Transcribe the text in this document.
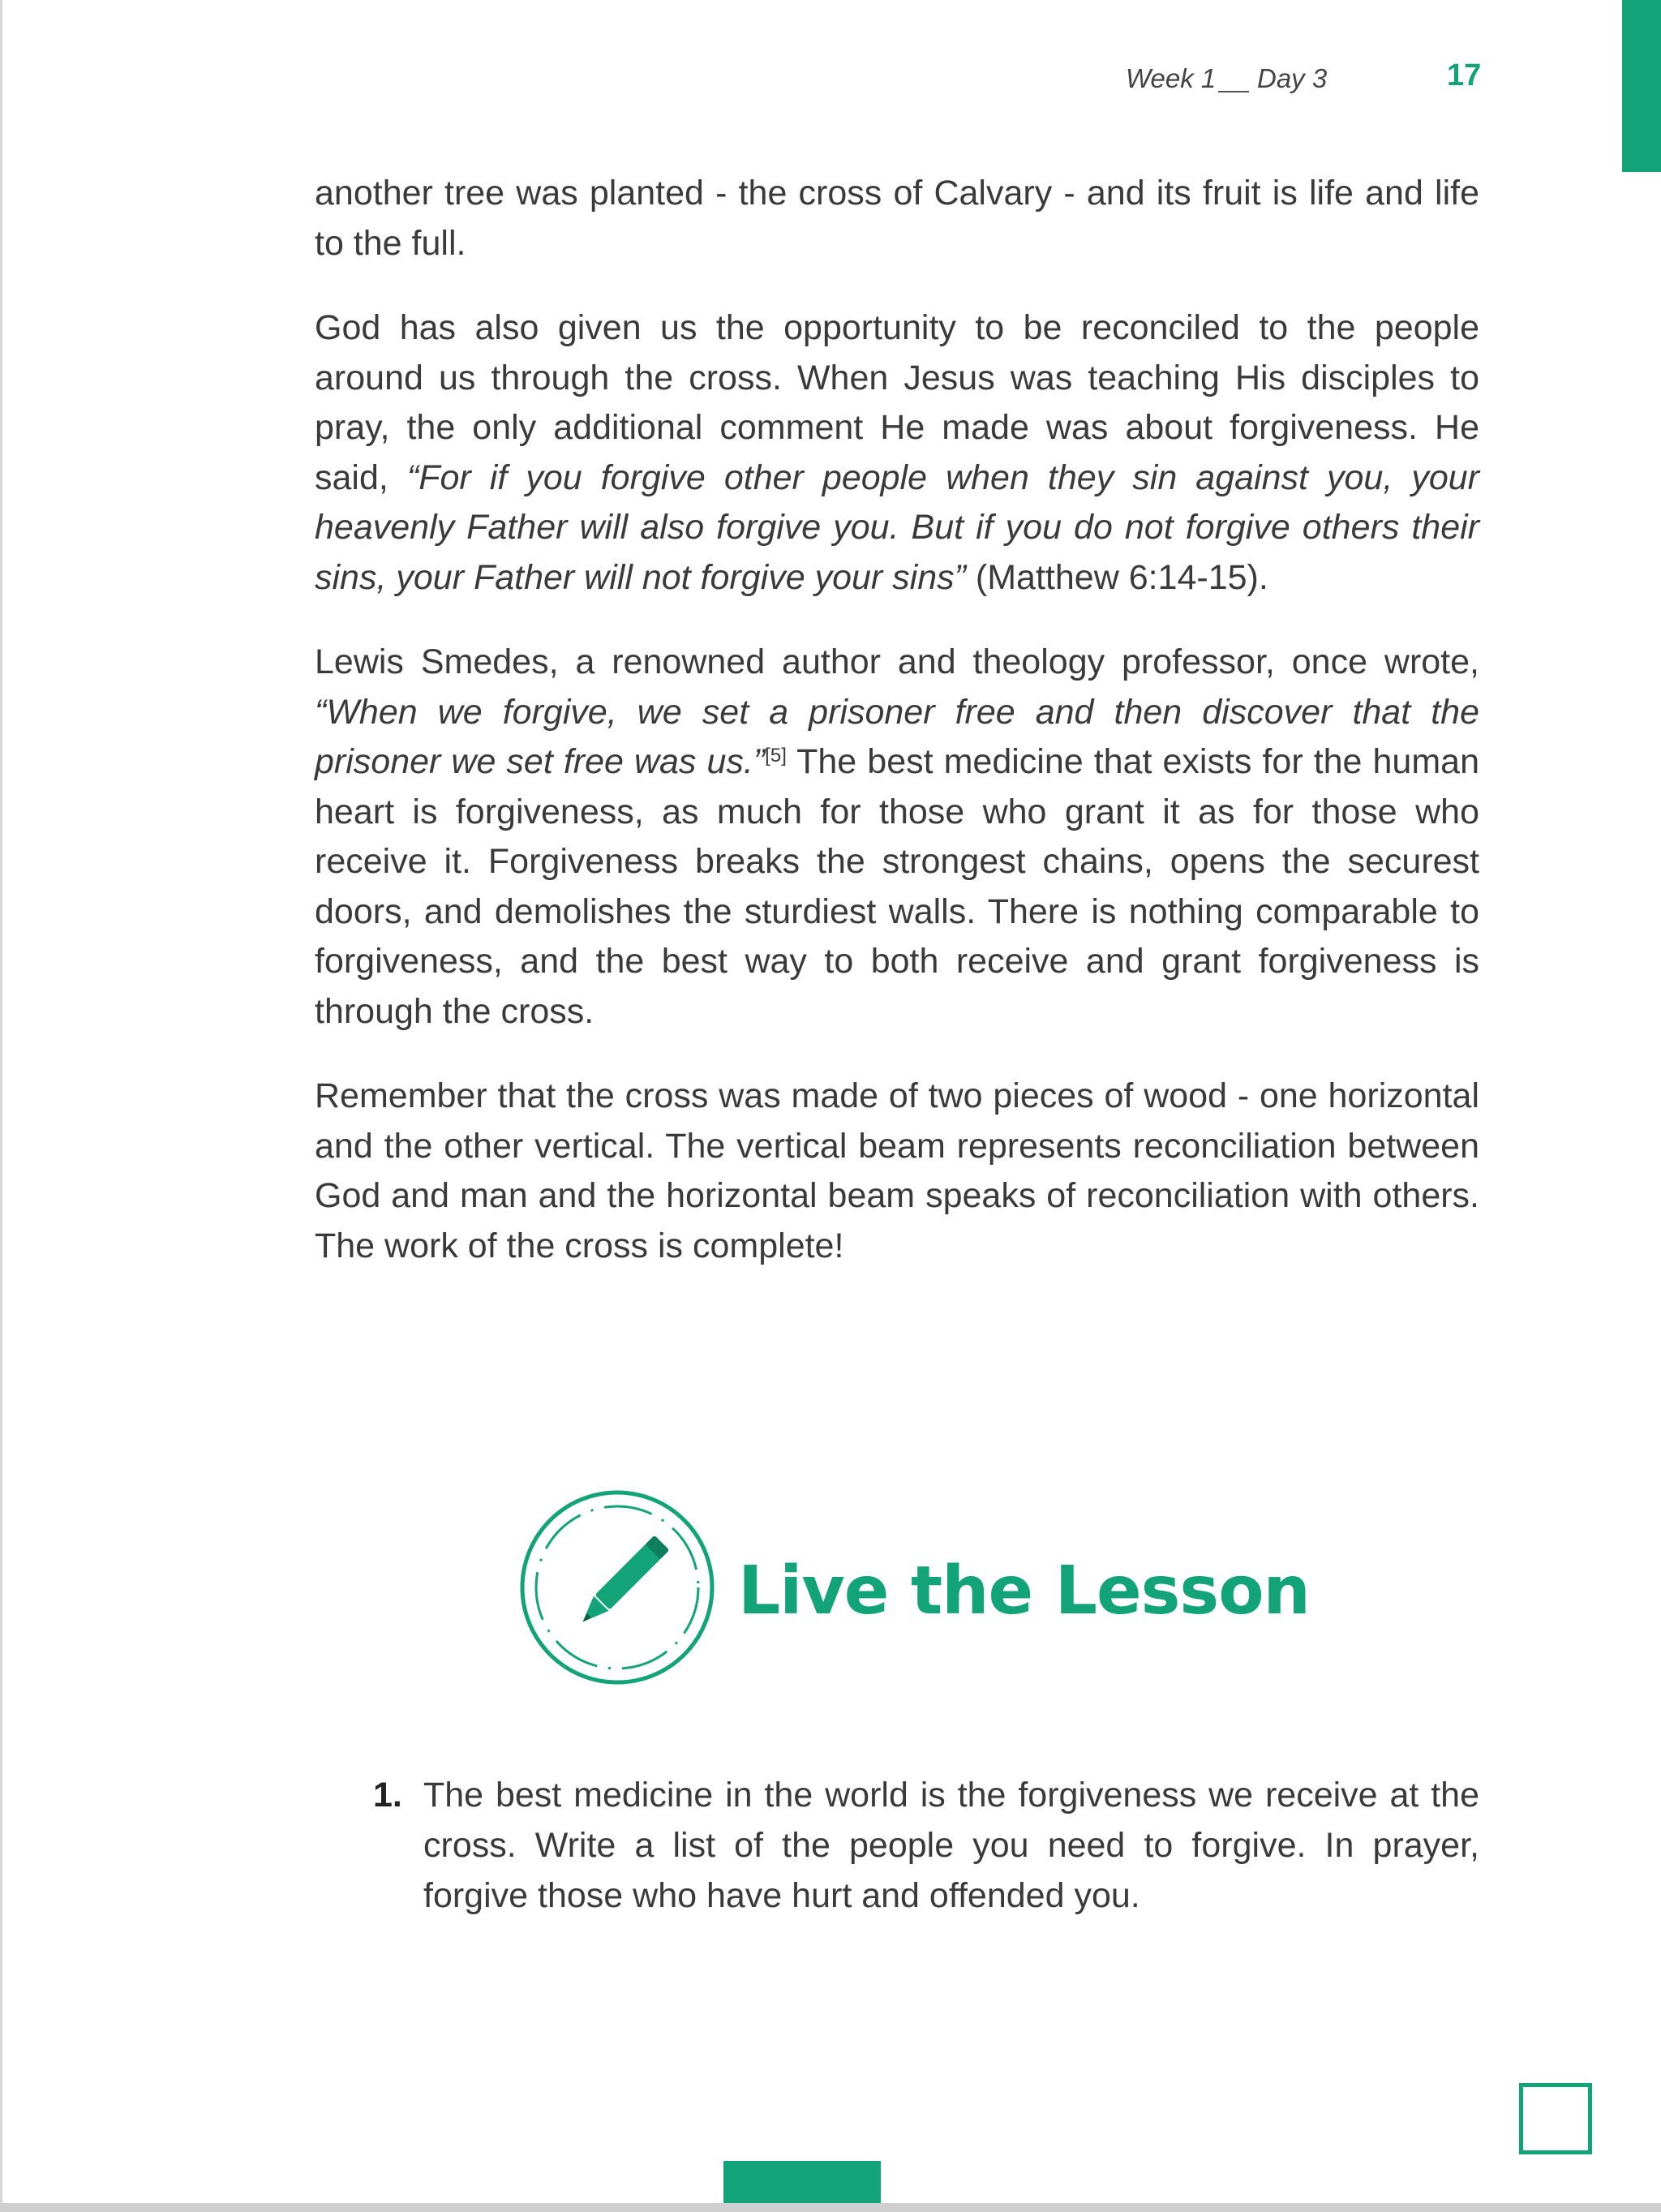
Week 1 Day 3	17

another tree was planted - the cross of Calvary - and its fruit is life and life to the full.

God has also given us the opportunity to be reconciled to the people around us through the cross. When Jesus was teaching His disciples to pray, the only additional comment He made was about forgiveness. He said, “For if you forgive other people when they sin against you, your heavenly Father will also forgive you. But if you do not forgive others their sins, your Father will not forgive your sins” (Matthew 6:14-15).

Lewis Smedes, a renowned author and theology professor, once wrote, “When we forgive, we set a prisoner free and then discover that the prisoner we set free was us.”[5] The best medicine that exists for the human heart is forgiveness, as much for those who grant it as for those who receive it. Forgiveness breaks the strongest chains, opens the securest doors, and demolishes the sturdiest walls. There is nothing comparable to forgiveness, and the best way to both receive and grant forgiveness is through the cross.

Remember that the cross was made of two pieces of wood - one horizontal and the other vertical. The vertical beam represents reconciliation between God and man and the horizontal beam speaks of reconciliation with others. The work of the cross is complete!

Live the Lesson
1. The best medicine in the world is the forgiveness we receive at the cross. Write a list of the people you need to forgive. In prayer, forgive those who have hurt and offended you.
